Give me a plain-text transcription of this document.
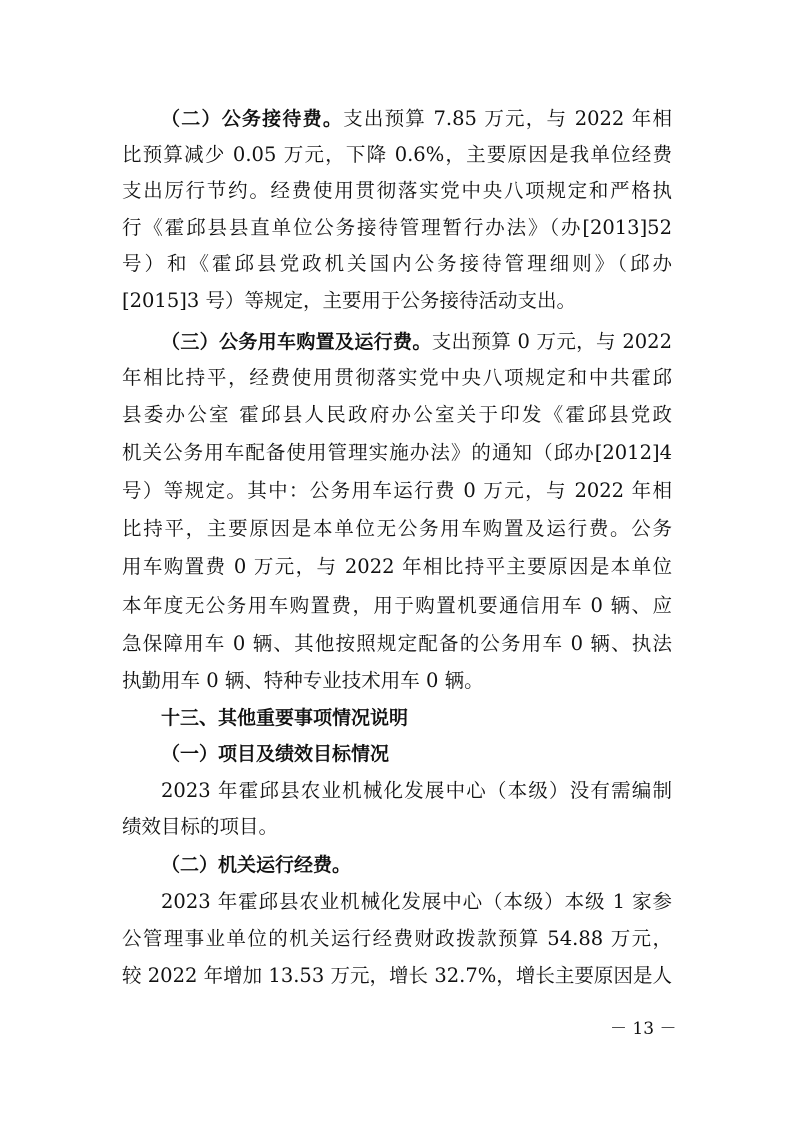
（二）公务接待费。支出预算 7.85 万元，与 2022 年相
比预算减少 0.05 万元，下降 0.6%，主要原因是我单位经费
支出厉行节约。经费使用贯彻落实党中央八项规定和严格执
行《霍邱县县直单位公务接待管理暂行办法》（办[2013]52
号）和《霍邱县党政机关国内公务接待管理细则》（邱办
[2015]3 号）等规定，主要用于公务接待活动支出。
（三）公务用车购置及运行费。支出预算 0 万元，与 2022
年相比持平，经费使用贯彻落实党中央八项规定和中共霍邱
县委办公室 霍邱县人民政府办公室关于印发《霍邱县党政
机关公务用车配备使用管理实施办法》的通知（邱办[2012]4
号）等规定。其中：公务用车运行费 0 万元，与 2022 年相
比持平，主要原因是本单位无公务用车购置及运行费。公务
用车购置费 0 万元，与 2022 年相比持平主要原因是本单位
本年度无公务用车购置费，用于购置机要通信用车 0 辆、应
急保障用车 0 辆、其他按照规定配备的公务用车 0 辆、执法
执勤用车 0 辆、特种专业技术用车 0 辆。
十三、其他重要事项情况说明
（一）项目及绩效目标情况
2023 年霍邱县农业机械化发展中心（本级）没有需编制
绩效目标的项目。
（二）机关运行经费。
2023 年霍邱县农业机械化发展中心（本级）本级 1 家参
公管理事业单位的机关运行经费财政拨款预算 54.88 万元，
较 2022 年增加 13.53 万元，增长 32.7%，增长主要原因是人
－ 13 －
